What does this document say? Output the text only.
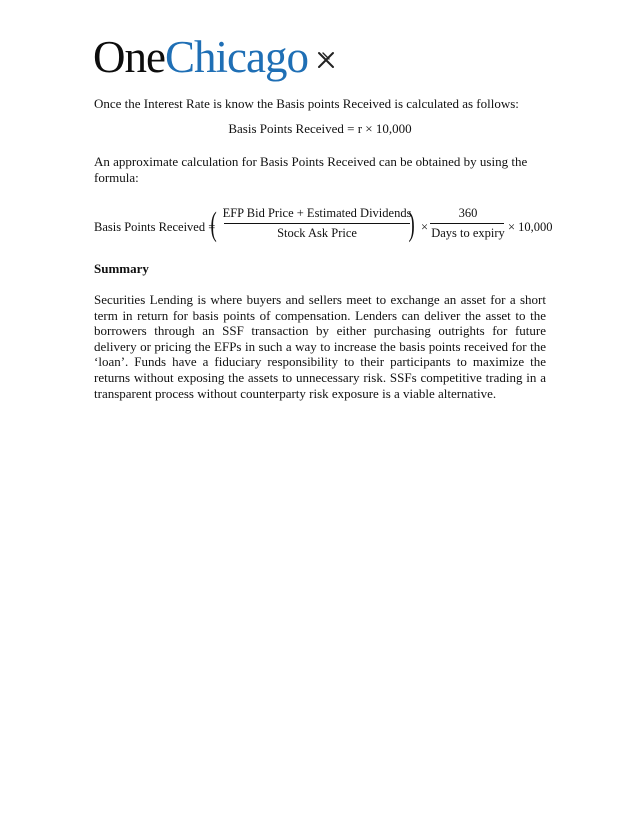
One Chicago
Once the Interest Rate is know the Basis points Received is calculated as follows:
Basis Points Received = r × 10,000
An approximate calculation for Basis Points Received can be obtained by using the formula:
Basis Points Received =
( EFP Bid Price + Estimated Dividends
Stock Ask Price	) ×
360
Days to expiry × 10,000
Summary
Securities Lending is where buyers and sellers meet to exchange an asset for a short term in return for basis points of compensation. Lenders can deliver the asset to the borrowers through an SSF transaction by either purchasing outrights for future delivery or pricing the EFPs in such a way to increase the basis points received for the ‘loan’. Funds have a fiduciary responsibility to their participants to maximize the returns without exposing the assets to unnecessary risk. SSFs competitive trading in a transparent process without counterparty risk exposure is a viable alternative.
